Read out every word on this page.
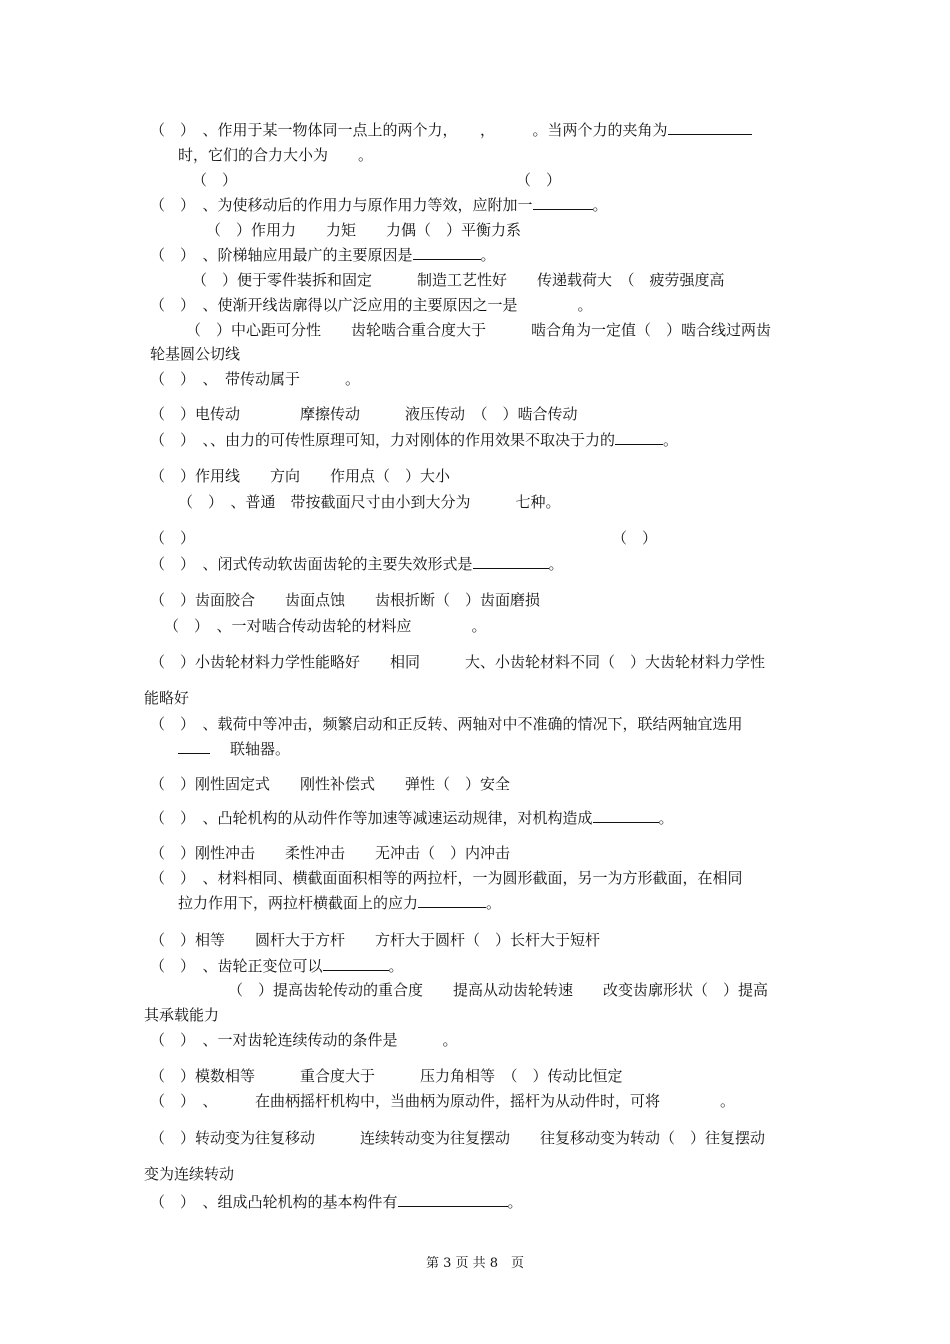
（　）　、作用于某一物体同一点上的两个力，　　，　　　。当两个力的夹角为
时，它们的合力大小为　　。
（　）	（　）
（　）　、为使移动后的作用力与原作用力等效，应附加一	。
（　）作用力　　力矩　　力偶（　）平衡力系
（　）　、阶梯轴应用最广的主要原因是	。
（　）便于零件装拆和固定　　　制造工艺性好　　传递载荷大　（　疲劳强度高
（　）　、使渐开线齿廓得以广泛应用的主要原因之一是　　　　。
（　）中心距可分性　　齿轮啮合重合度大于　　　啮合角为一定值（　）啮合线过两齿
轮基圆公切线
（　）　、　带传动属于　　　。
（　）电传动　　　　摩擦传动　　　液压传动　（　）啮合传动
（　）　、、由力的可传性原理可知，力对刚体的作用效果不取决于力的	。
（　）作用线　　方向　　作用点（　）大小
（　）　、普通　带按截面尺寸由小到大分为　　　七种。
（　）	（　）
（　）　、闭式传动软齿面齿轮的主要失效形式是	。
（　）齿面胶合　　齿面点蚀　　齿根折断（　）齿面磨损
（　）　、一对啮合传动齿轮的材料应　　　　。
（　）小齿轮材料力学性能略好　　相同　　　大、小齿轮材料不同（　）大齿轮材料力学性
能略好
（　）　、载荷中等冲击，频繁启动和正反转、两轴对中不准确的情况下，联结两轴宜选用
联轴器。
（　）刚性固定式　　刚性补偿式　　弹性（　）安全
（　）　、凸轮机构的从动件作等加速等减速运动规律，对机构造成	。
（　）刚性冲击　　柔性冲击　　无冲击（　）内冲击
（　）　、材料相同、横截面面积相等的两拉杆，一为圆形截面，另一为方形截面，在相同
拉力作用下，两拉杆横截面上的应力	。
（　）相等　　圆杆大于方杆　　方杆大于圆杆（　）长杆大于短杆
（　）　、齿轮正变位可以	。
（　）提高齿轮传动的重合度　　提高从动齿轮转速　　改变齿廓形状（　）提高
其承载能力
（　）　、一对齿轮连续传动的条件是　　　。
（　）模数相等　　　重合度大于　　　压力角相等　（　）传动比恒定
（　）　、　　　在曲柄摇杆机构中，当曲柄为原动件，摇杆为从动件时，可将　　　　。
（　）转动变为往复移动　　　连续转动变为往复摆动　　往复移动变为转动（　）往复摆动
变为连续转动
（　）　、组成凸轮机构的基本构件有	。
第 3 页 共 8　页
